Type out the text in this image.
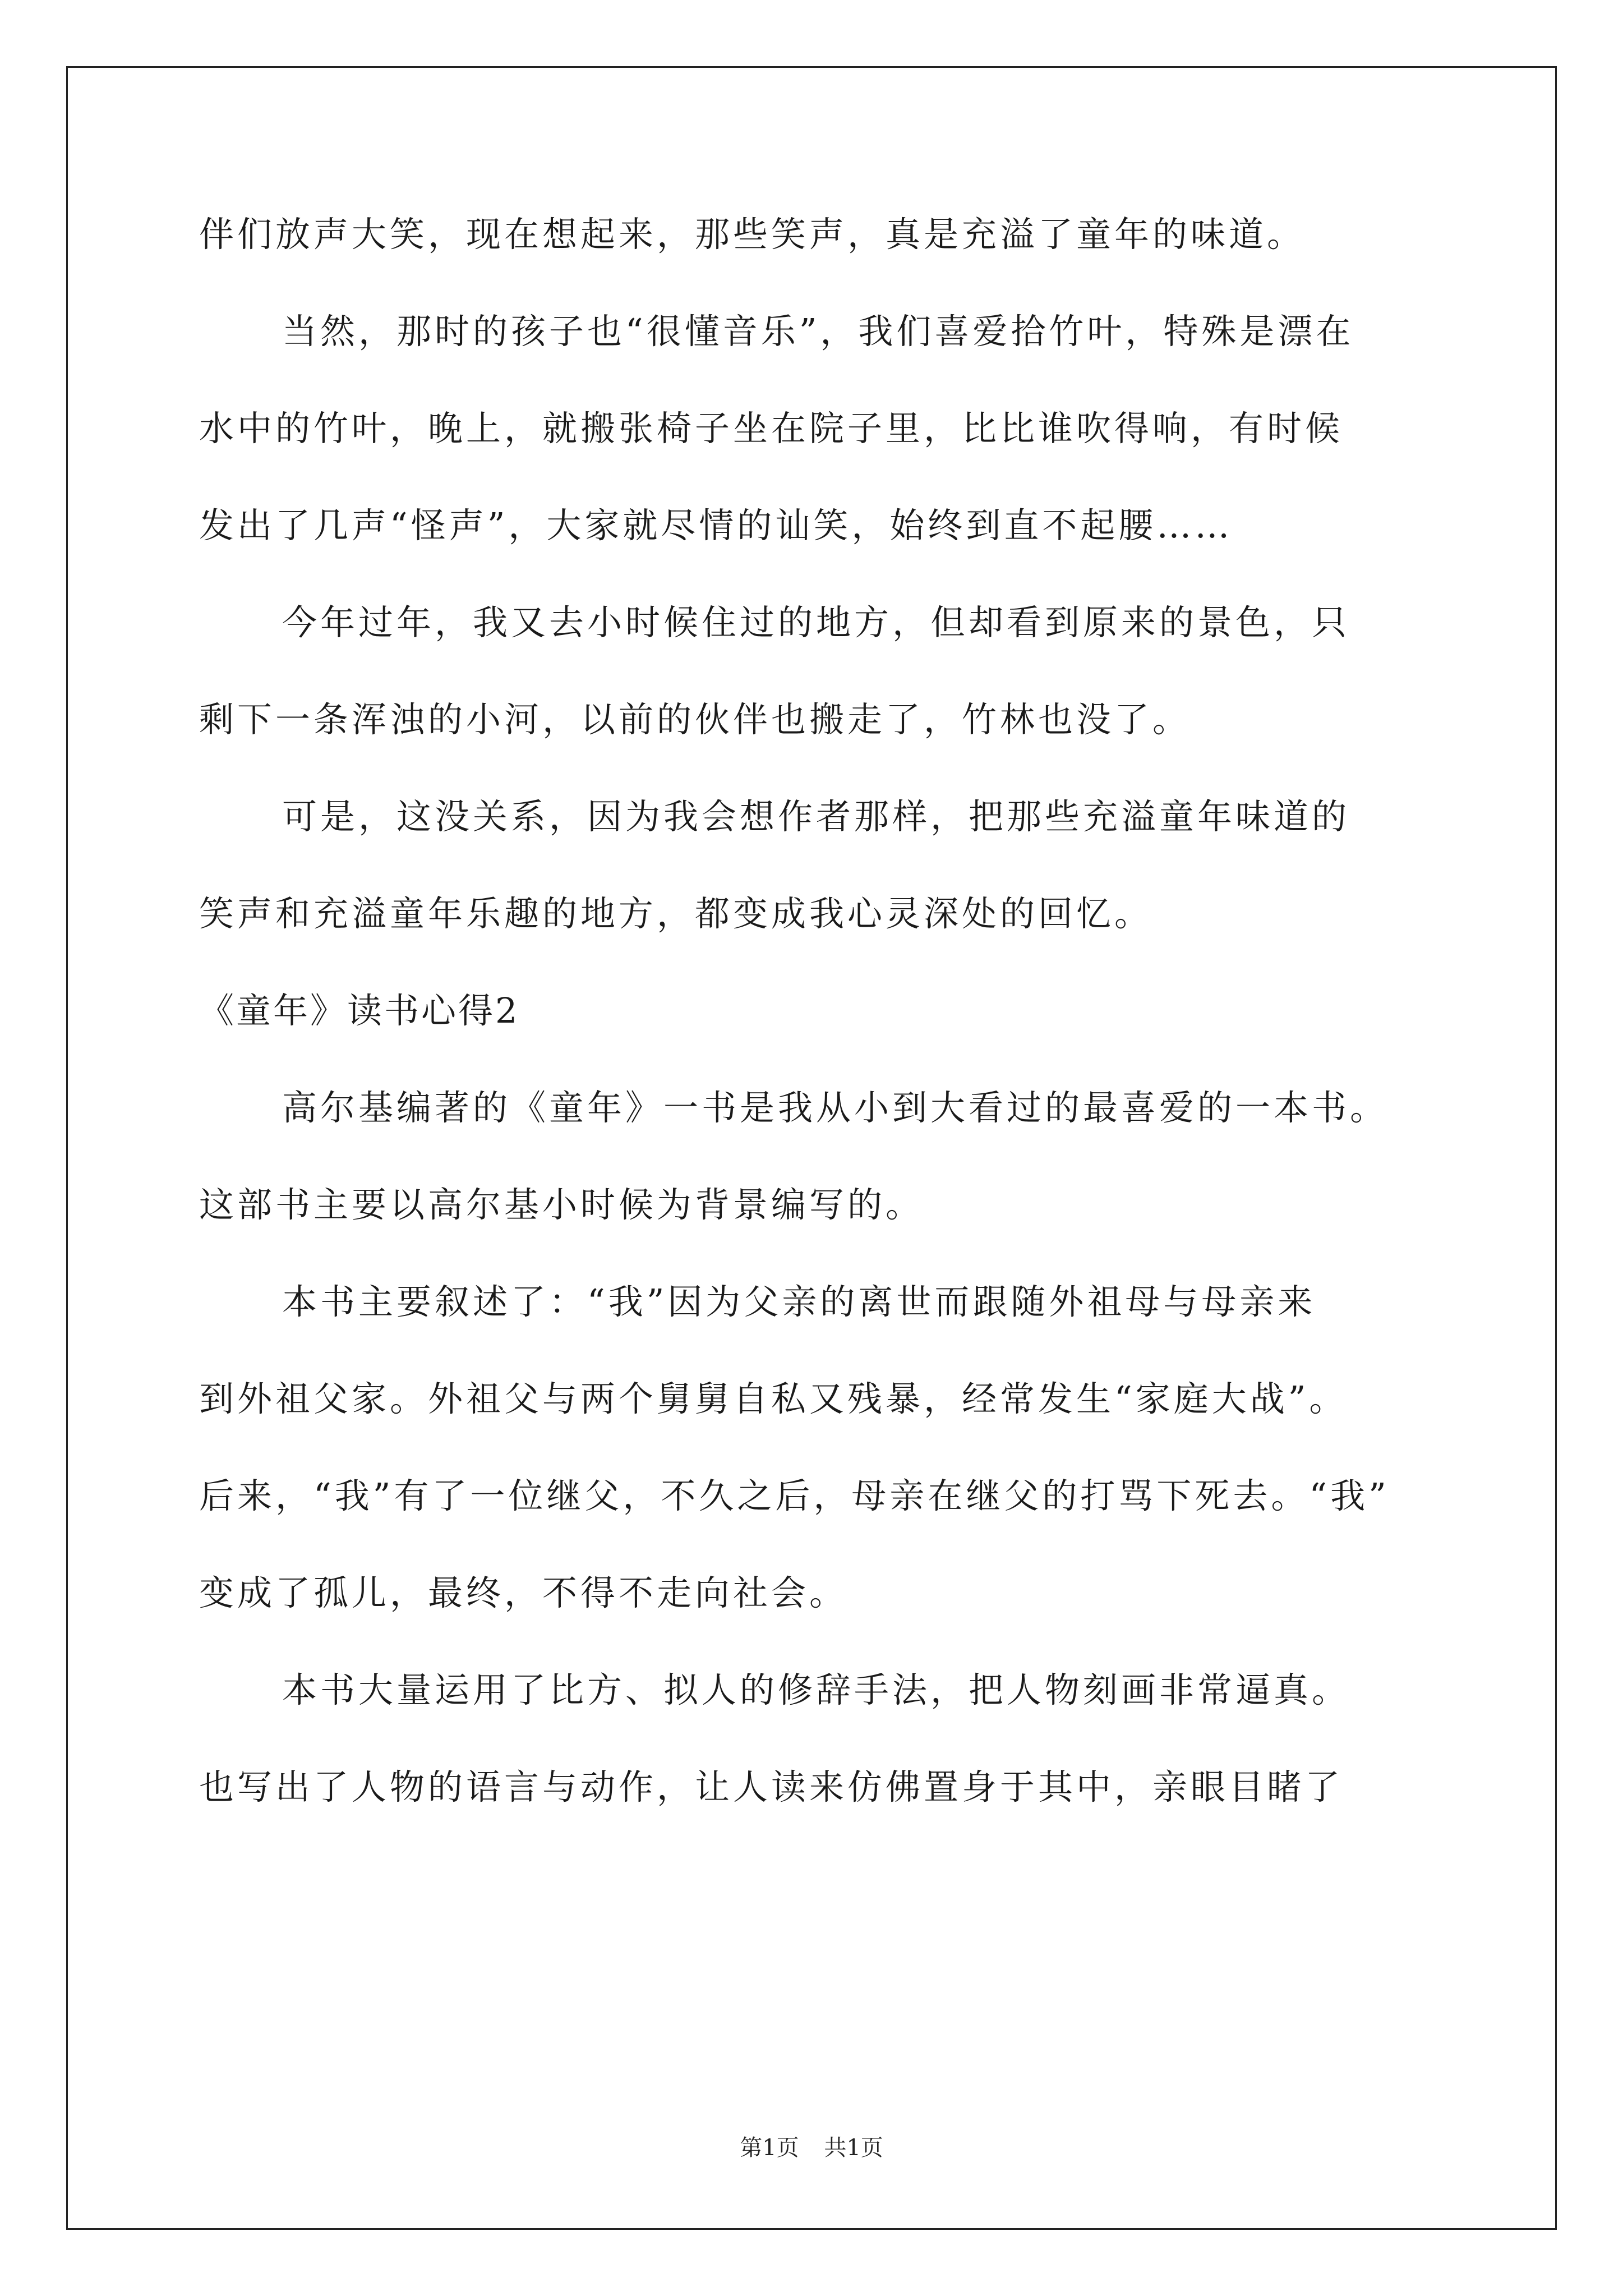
伴们放声大笑，现在想起来，那些笑声，真是充溢了童年的味道。

当然，那时的孩子也“很懂音乐”，我们喜爱拾竹叶，特殊是漂在

水中的竹叶，晚上，就搬张椅子坐在院子里，比比谁吹得响，有时候

发出了几声“怪声”，大家就尽情的讪笑，始终到直不起腰……

今年过年，我又去小时候住过的地方，但却看到原来的景色，只

剩下一条浑浊的小河，以前的伙伴也搬走了，竹林也没了。

可是，这没关系，因为我会想作者那样，把那些充溢童年味道的

笑声和充溢童年乐趣的地方，都变成我心灵深处的回忆。

《童年》读书心得2

高尔基编著的《童年》一书是我从小到大看过的最喜爱的一本书。

这部书主要以高尔基小时候为背景编写的。

本书主要叙述了：“我”因为父亲的离世而跟随外祖母与母亲来

到外祖父家。外祖父与两个舅舅自私又残暴，经常发生“家庭大战”。

后来，“我”有了一位继父，不久之后，母亲在继父的打骂下死去。“我”

变成了孤儿，最终，不得不走向社会。

本书大量运用了比方、拟人的修辞手法，把人物刻画非常逼真。

也写出了人物的语言与动作，让人读来仿佛置身于其中，亲眼目睹了

第1页 共1页
